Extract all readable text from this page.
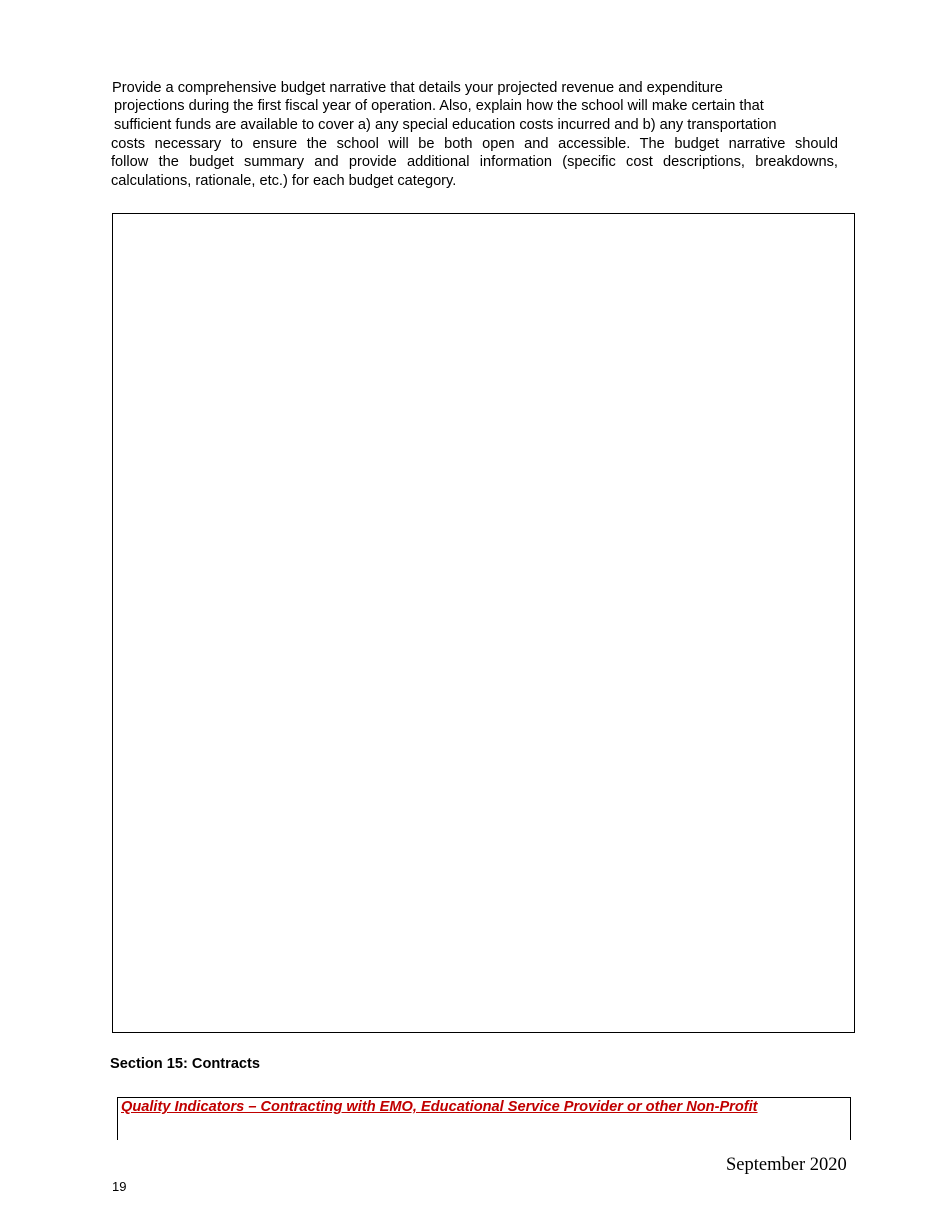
Provide a comprehensive budget narrative that details your projected revenue and expenditure
projections during the first fiscal year of operation. Also, explain how the school will make certain that
sufficient funds are available to cover a) any special education costs incurred and b) any transportation
costs necessary to ensure the school will be both open and accessible. The budget narrative should
follow the budget summary and provide additional information (specific cost descriptions, breakdowns,
calculations, rationale, etc.) for each budget category.
Section 15: Contracts
Quality Indicators – Contracting with EMO, Educational Service Provider or other Non-Profit
September 2020
19
